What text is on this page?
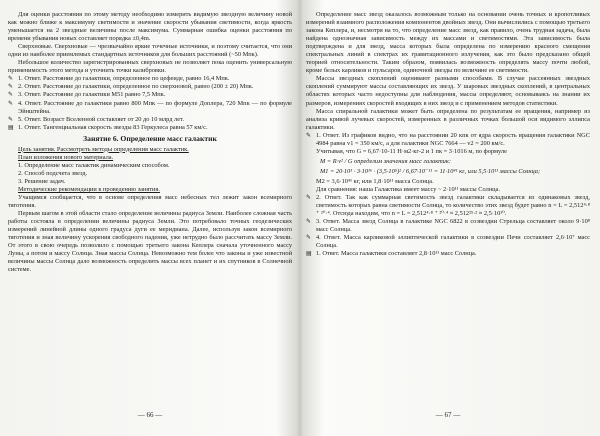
Для оценки расстояния по этому методу необходимо измерить видимую звездную величину новой как можно ближе к максимуму светимости и значение скорости убывания светимости, когда яркость уменьшается на 2 звездные величины после максимума. Суммарная ошибка оценки расстояния по времени убывания новых составляет порядка ±0,4m.

Сверхновые. Сверхновые — чрезвычайно яркие точечные источники, и поэтому считается, что они одни из наиболее приемлемых стандартных источников для больших расстояний (~50 Мпк).

Небольшое количество зарегистрированных сверхновых не позволяет пока оценить универсальную применимость этого метода и уточнить точки калибровки.

✎ 1. Ответ. Расстояние до галактики, определенное по цефеиде, равно 16,4 Мпк.
✎ 2. Ответ. Расстояние до галактики, определенное по сверхновой, равно (200 ± 20) Мпк.
✎ 3. Ответ. Расстояние до галактики M51 равно 7,5 Мпк.
✎ 4. Ответ. Расстояние до галактики равно 800 Мпк — по формуле Доплера, 720 Мпк — по формуле Эйнштейна.
✎ 5. Ответ. Возраст Вселенной составляет от 20 до 10 млрд лет.
▤ 1. Ответ. Тангенциальная скорость звезды 83 Геркулеса равна 57 км/с.
Занятие 6. Определение масс галактик

Цель занятия. Рассмотреть методы определения масс галактик.

План изложения нового материала.

1. Определение масс галактик динамическим способом.

2. Способ подсчета звезд.

3. Решение задач.

Методические рекомендации к проведению занятия.

Учащимся сообщается, что в основе определения масс небесных тел лежит закон всемирного тяготения.

Первым шагом в этой области стало определение величины радиуса Земли. Наиболее сложная часть работы состояла в определении величины радиуса Земли. Это потребовало точных геодезических измерений линейной длины одного градуса дуги ее меридиана. Далее, используя закон всемирного тяготения и зная величину ускорения свободного падения, уже нетрудно было рассчитать массу Земли. От этого в свою очередь позволило с помощью третьего закона Кеплера сначала уточненного массу Луны, а потом и массу Солнца. Зная массы Солнца. Невозможно тем более что законы и уже известной величины массы Солнца дало возможность определить массы всех планет и их спутников в Солнечной системе.

— 66 —

Определение масс звезд оказалось возможным только на основании очень точных и кропотливых измерений взаимного расположения компонентов двойных звезд. Они вычислились с помощью третьего закона Кеплера, и, несмотря на то, что определение масс звезд, как правило, очень трудная задача, была найдена однозначная зависимость между их массами и светимостями. Эта зависимость была подтверждена и для звезд, масса которых была определена по измерению красного смещения спектральных линий в спектрах их гравитационного излучения, как это было предсказано общей теорией относительности. Таким образом, появилась возможность определять массу почти любой, кроме белых карликов и пульсаров, одиночной звезды по величине ее светимости.

Массы звездных скоплений оценивают разными способами. В случае рассеянных звездных скоплений суммируют массы составляющих их звезд. У шаровых звездных скоплений, в центральных областях которых часто недоступны для наблюдения, массы определяют, основываясь на знании их размеров, измерениях скоростей входящих в них звезд и с применением методов статистики.

Масса спиральной галактики может быть определена по результатам ее вращения, например из анализа кривой лучевых скоростей, измеренных в различных точках большой оси видимого эллипса галактики.

✎ 1. Ответ. Из графиков видно, что на расстоянии 20 кпк от ядра скорость вращения галактики NGC 4984 равна v1 = 350 км/с, а для галактики NGC 7664 — v2 = 200 км/с.

Учитывая, что G = 6,67·10-11 Н·м2·кг-2 и 1 пк = 3·1016 м, по формуле

M = R·v² / G определим значения масс галактик:
M1 = 20·10³ · 3·10¹⁶ · (3,5·10⁵)² / 6,67·10⁻¹¹ = 11·10⁴¹ кг, или 5,5·10¹¹ массы Солнца;

M2 = 3,6·10⁴¹ кг, или 1,8·10¹¹ масса Солнца.

Для сравнения: наша Галактика имеет массу ~ 2·10¹¹ массы Солнца.

✎ 2. Ответ. Так как суммарная светимость звезд галактики складывается из одинаковых звезд, светимость которых равна светимости Солнца, то количество этих звезд будет равно n = L = 2,512⁴·⁸ ⁺ ²⁰·⁴. Отсюда находим, что n = L = 2,512⁴·⁸ ⁺ ²⁰·⁴ ≈ 2,512²⁵·² ≈ 2,5·10¹⁰.
✎ 3. Ответ. Масса звезд Солнца в галактике NGC 6822 в созвездии Стрельца составляет около 9·10⁸ масс Солнца.
✎ 4. Ответ. Масса карликовой эллиптической галактики в созвездии Печи составляет 2,6·10⁷ масс Солнца.
▤ 1. Ответ. Масса галактики составляет 2,8·10¹¹ масс Солнца.
— 67 —
